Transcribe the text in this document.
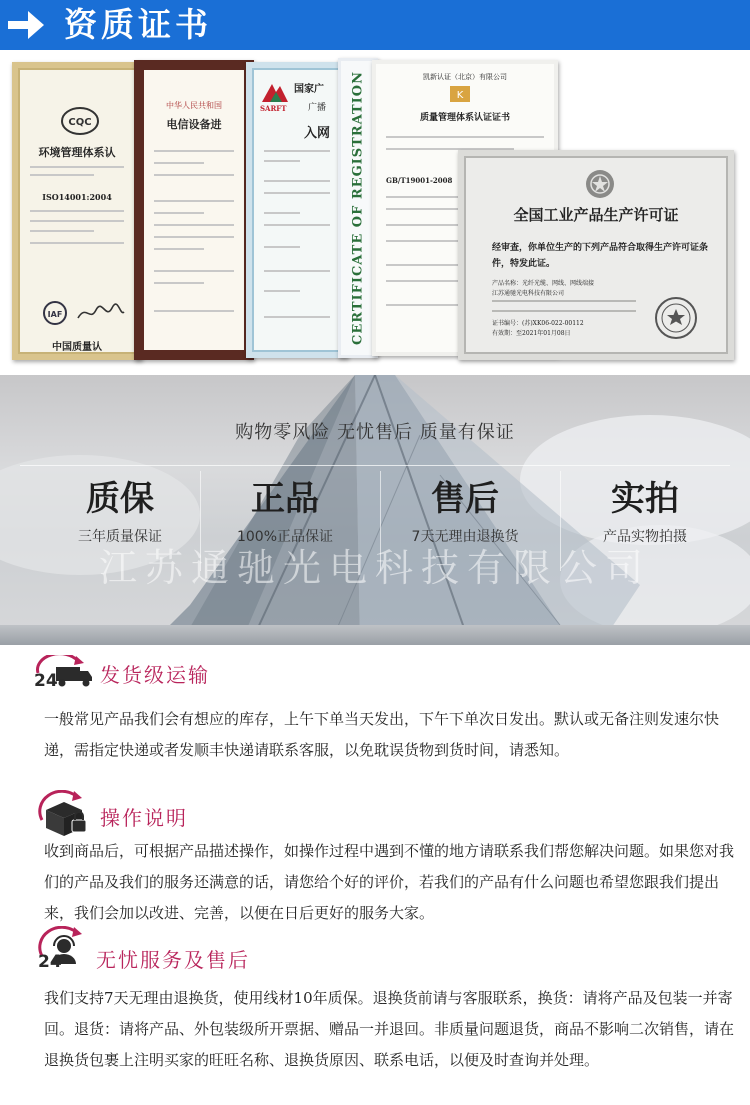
资质证书
CQC
环境管理体系认
ISO14001:2004
IAF
中国质量认
中华人民共和国
电信设备进
国家广
SARFT	广播
入网	CERTIFICATE OF REGISTRATION	凯新认证（北京）有限公司
K
质量管理体系认证证书
GB/T19001-2008
全国工业产品生产许可证
经审查，你单位生产的下列产品符合取得生产许可证条件，特发此证。
产品名称：光纤光缆、网线、网线端接
江苏通驰光电科技有限公司
证书编号：(苏)XK06-022-00112
有效期：至2021年01月08日
购物零风险 无忧售后 质量有保证
质保
三年质量保证
正品
100%正品保证
售后
7天无理由退换货
实拍
产品实物拍摄
江苏通驰光电科技有限公司
24 发货级运输
一般常见产品我们会有想应的库存，上午下单当天发出，下午下单次日发出。默认或无备注则发速尔快递，需指定快递或者发顺丰快递请联系客服，以免耽误货物到货时间，请悉知。
操作说明
收到商品后，可根据产品描述操作，如操作过程中遇到不懂的地方请联系我们帮您解决问题。如果您对我们的产品及我们的服务还满意的话，请您给个好的评价，若我们的产品有什么问题也希望您跟我们提出来，我们会加以改进、完善，以便在日后更好的服务大家。
24 无忧服务及售后
我们支持7天无理由退换货，使用线材10年质保。退换货前请与客服联系，换货：请将产品及包装一并寄回。退货：请将产品、外包装级所开票据、赠品一并退回。非质量问题退货，商品不影响二次销售，请在退换货包裹上注明买家的旺旺名称、退换货原因、联系电话，以便及时查询并处理。
